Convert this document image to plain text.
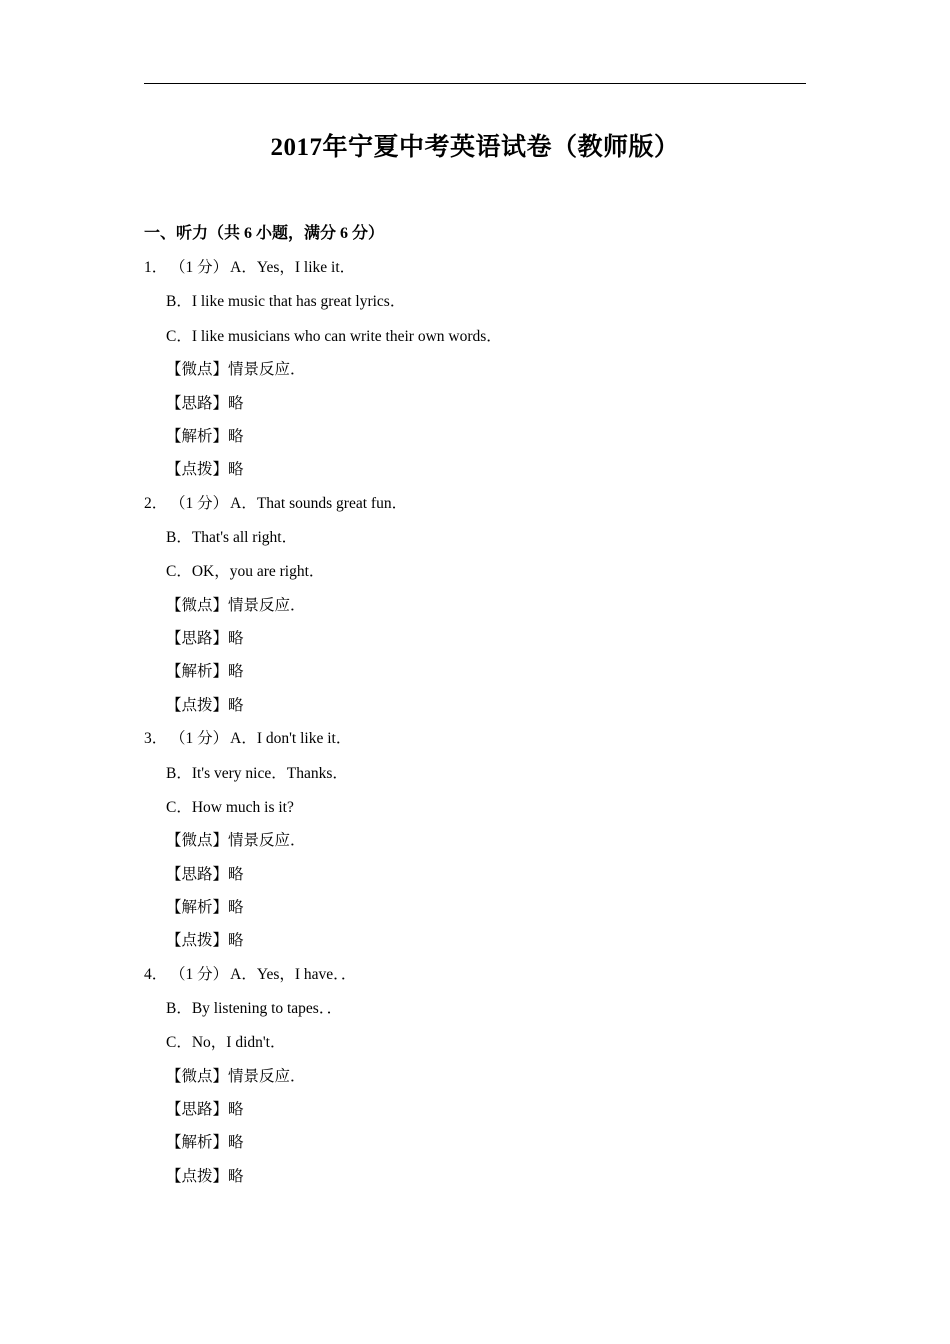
2017年宁夏中考英语试卷（教师版）
一、听力（共 6 小题，满分 6 分）
1． （1 分） A．Yes，I like it．
B．I like music that has great lyrics．
C．I like musicians who can write their own words．
【微点】情景反应．
【思路】略
【解析】略
【点拨】略
2． （1 分） A．That sounds great fun．
B．That's all right．
C．OK，you are right．
【微点】情景反应．
【思路】略
【解析】略
【点拨】略
3． （1 分） A．I don't like it．
B．It's very nice．Thanks．
C．How much is it?
【微点】情景反应．
【思路】略
【解析】略
【点拨】略
4． （1 分） A．Yes，I have．．
B．By listening to tapes．．
C．No，I didn't．
【微点】情景反应．
【思路】略
【解析】略
【点拨】略
